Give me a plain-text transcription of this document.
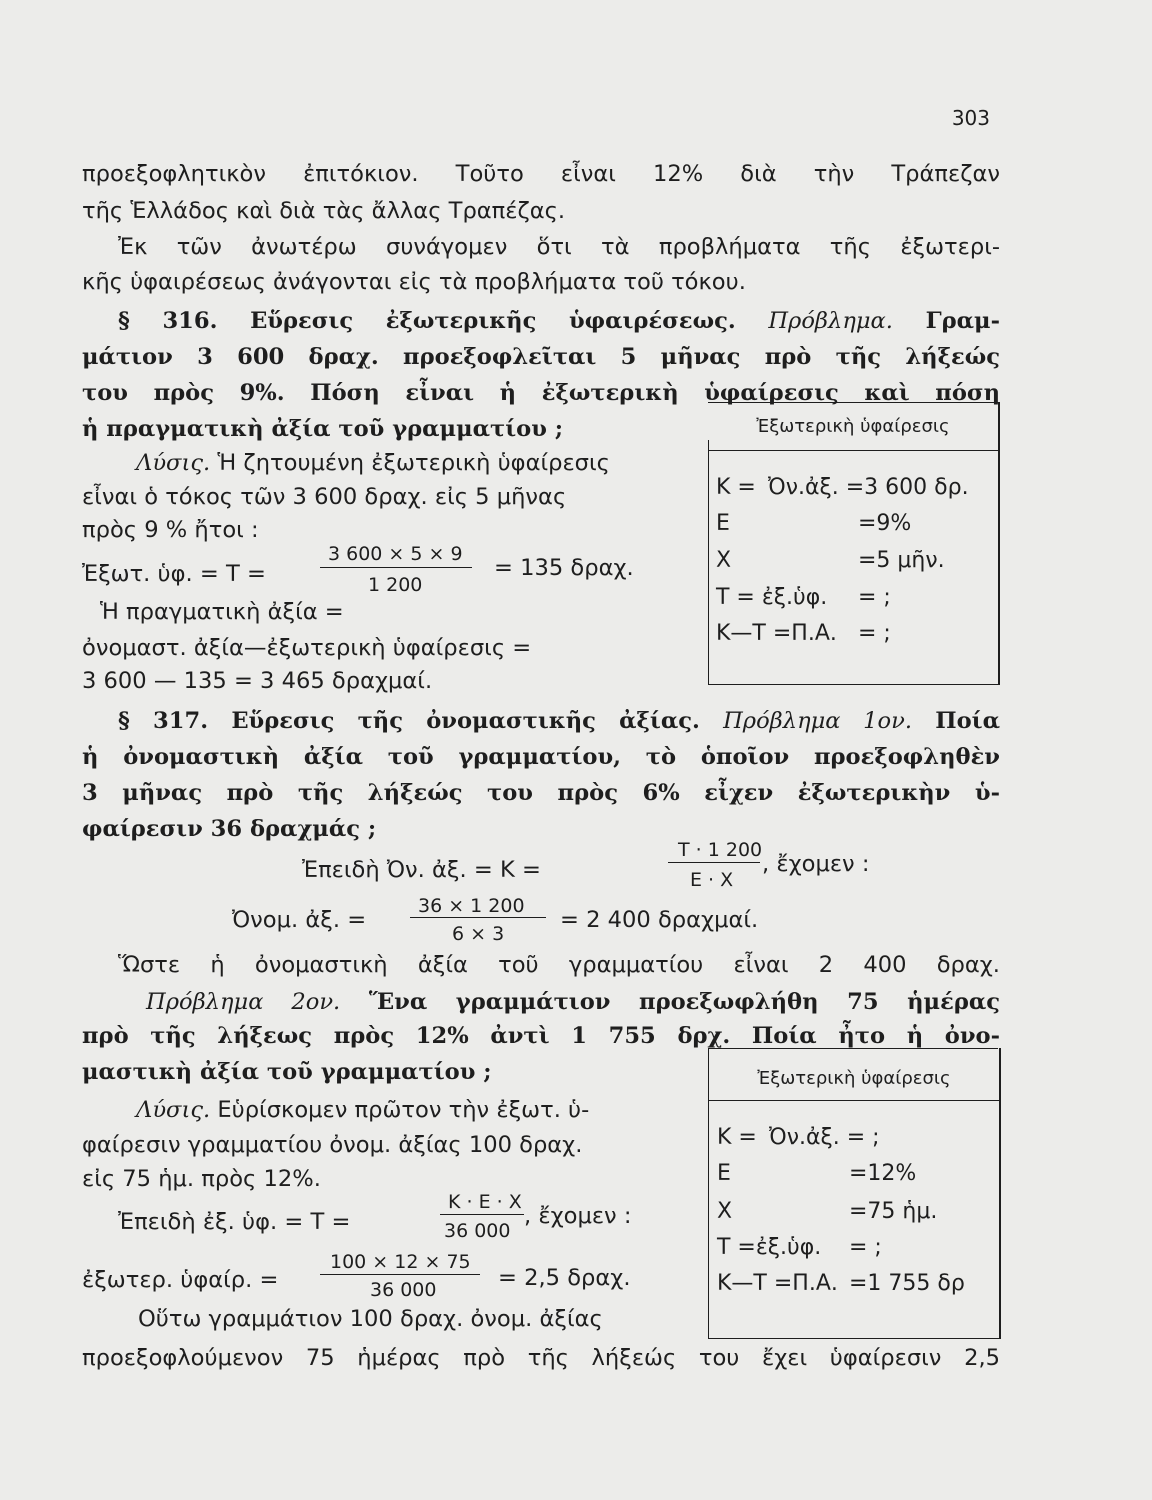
303
προεξοφλητικὸν ἐπιτόκιον. Τοῦτο εἶναι 12% διὰ τὴν Τράπεζαν
τῆς Ἑλλάδος καὶ διὰ τὰς ἄλλας Τραπέζας.
Ἐκ τῶν ἀνωτέρω συνάγομεν ὅτι τὰ προβλήματα τῆς ἐξωτερι-
κῆς ὑφαιρέσεως ἀνάγονται εἰς τὰ προβλήματα τοῦ τόκου.
§ 316. Εὕρεσις ἐξωτερικῆς ὑφαιρέσεως. Πρόβλημα. Γραμ-
μάτιον 3 600 δραχ. προεξοφλεῖται 5 μῆνας πρὸ τῆς λήξεώς
του πρὸς 9%. Πόση εἶναι ἡ ἐξωτερικὴ ὑφαίρεσις καὶ πόση
ἡ πραγματικὴ ἀξία τοῦ γραμματίου ;
Λύσις. Ἡ ζητουμένη ἐξωτερικὴ ὑφαίρεσις
εἶναι ὁ τόκος τῶν 3 600 δραχ. εἰς 5 μῆνας
πρὸς 9 % ἤτοι :
Ἐξωτ. ὑφ. = Τ =
3 600 × 5 × 9
1 200
= 135 δραχ.
Ἡ πραγματικὴ ἀξία =
ὀνομαστ. ἀξία—ἐξωτερικὴ ὑφαίρεσις =
3 600 — 135 = 3 465 δραχμαί.
Ἐξωτερικὴ ὑφαίρεσις
Κ = Ὀν.ἀξ. =3 600 δρ.
Ε	=9%
Χ	=5 μῆν.
Τ = ἐξ.ὑφ. = ;
Κ—Τ =Π.Α. = ;
§ 317. Εὕρεσις τῆς ὀνομαστικῆς ἀξίας. Πρόβλημα 1ον. Ποία
ἡ ὀνομαστικὴ ἀξία τοῦ γραμματίου, τὸ ὁποῖον προεξοφληθὲν
3 μῆνας πρὸ τῆς λήξεώς του πρὸς 6% εἶχεν ἐξωτερικὴν ὑ-
φαίρεσιν 36 δραχμάς ;
Ἐπειδὴ Ὀν. ἀξ. = Κ =
Τ · 1 200
Ε · Χ
, ἔχομεν :
Ὀνομ. ἀξ. =
36 × 1 200
6 × 3
= 2 400 δραχμαί.
Ὥστε ἡ ὀνομαστικὴ ἀξία τοῦ γραμματίου εἶναι 2 400 δραχ.
Πρόβλημα 2ον. Ἕνα γραμμάτιον προεξωφλήθη 75 ἡμέρας
πρὸ τῆς λήξεως πρὸς 12% ἀντὶ 1 755 δρχ. Ποία ἦτο ἡ ὀνο-
μαστικὴ ἀξία τοῦ γραμματίου ;
Λύσις. Εὑρίσκομεν πρῶτον τὴν ἐξωτ. ὑ-
φαίρεσιν γραμματίου ὀνομ. ἀξίας 100 δραχ.
εἰς 75 ἡμ. πρὸς 12%.
Ἐπειδὴ ἐξ. ὑφ. = Τ =
Κ · Ε · Χ
36 000
, ἔχομεν :
ἐξωτερ. ὑφαίρ. =
100 × 12 × 75
36 000	= 2,5 δραχ.
Οὕτω γραμμάτιον 100 δραχ. ὀνομ. ἀξίας
προεξοφλούμενον 75 ἡμέρας πρὸ τῆς λήξεώς του ἔχει ὑφαίρεσιν 2,5
Ἐξωτερικὴ ὑφαίρεσις
Κ = Ὀν.ἀξ. = ;
Ε	=12%
Χ	=75 ἡμ.
Τ =ἐξ.ὑφ. = ;
Κ—Τ =Π.Α. =1 755 δρ
